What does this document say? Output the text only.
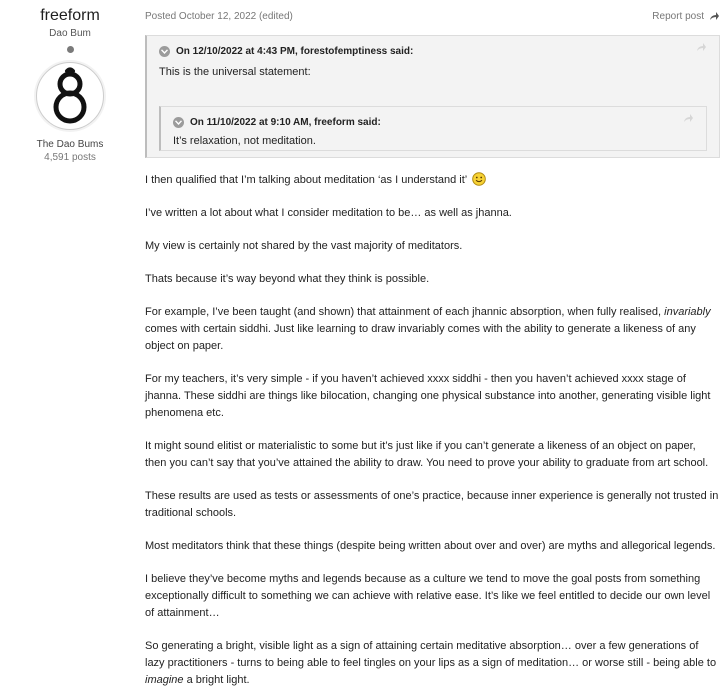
freeform
Dao Bum
The Dao Bums
4,591 posts
Posted October 12, 2022 (edited)	Report post
On 12/10/2022 at 4:43 PM, forestofemptiness said:
This is the universal statement:
On 11/10/2022 at 9:10 AM, freeform said:
It’s relaxation, not meditation.

I then qualified that I’m talking about meditation ‘as I understand it’

I’ve written a lot about what I consider meditation to be… as well as jhanna.

My view is certainly not shared by the vast majority of meditators.

Thats because it’s way beyond what they think is possible.

For example, I’ve been taught (and shown) that attainment of each jhannic absorption, when fully realised, invariably comes with certain siddhi. Just like learning to draw invariably comes with the ability to generate a likeness of any object on paper.

For my teachers, it’s very simple - if you haven’t achieved xxxx siddhi - then you haven’t achieved xxxx stage of jhanna. These siddhi are things like bilocation, changing one physical substance into another, generating visible light phenomena etc.

It might sound elitist or materialistic to some but it’s just like if you can’t generate a likeness of an object on paper, then you can’t say that you’ve attained the ability to draw. You need to prove your ability to graduate from art school.

These results are used as tests or assessments of one’s practice, because inner experience is generally not trusted in traditional schools.

Most meditators think that these things (despite being written about over and over) are myths and allegorical legends.

I believe they’ve become myths and legends because as a culture we tend to move the goal posts from something exceptionally difficult to something we can achieve with relative ease. It’s like we feel entitled to decide our own level of attainment…

So generating a bright, visible light as a sign of attaining certain meditative absorption… over a few generations of lazy practitioners - turns to being able to feel tingles on your lips as a sign of meditation… or worse still - being able to imagine a bright light.
